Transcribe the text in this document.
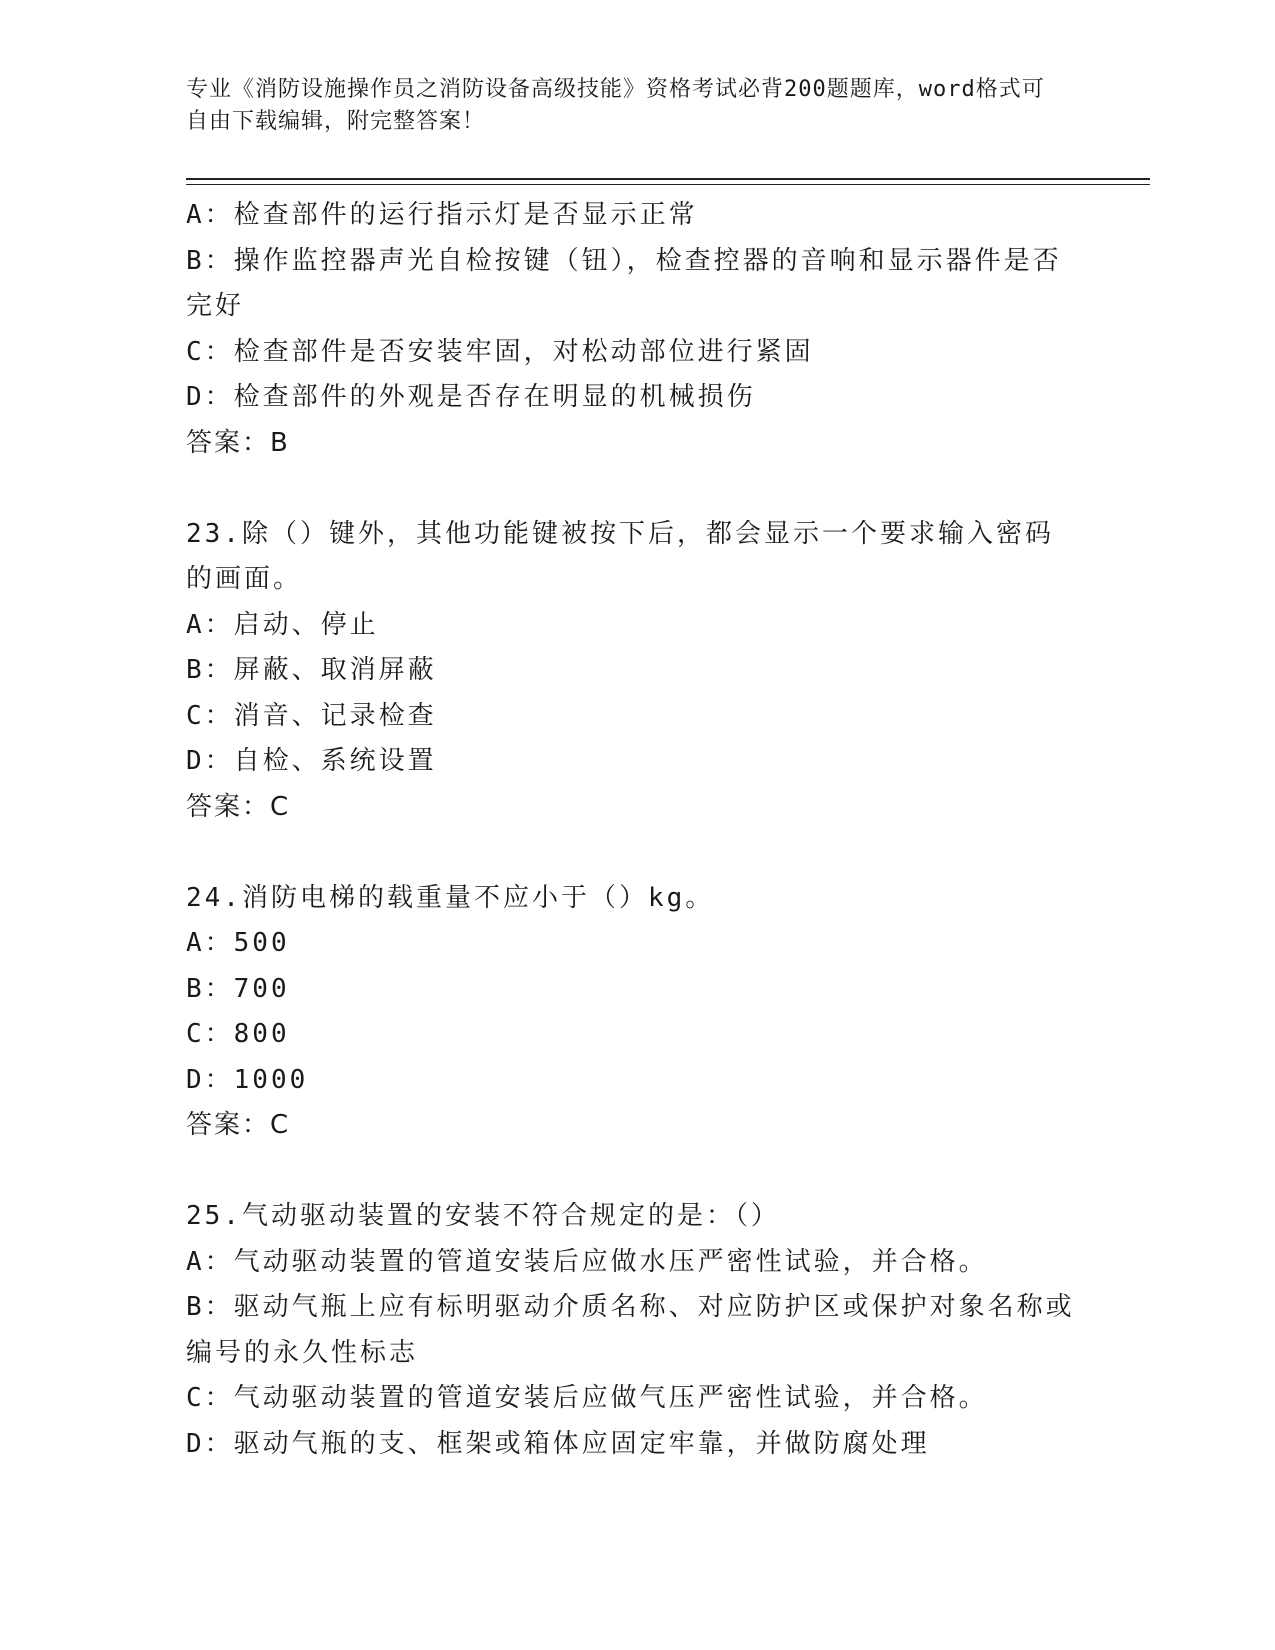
专业《消防设施操作员之消防设备高级技能》资格考试必背200题题库，word格式可自由下载编辑，附完整答案！
A：检查部件的运行指示灯是否显示正常
B：操作监控器声光自检按键（钮），检查控器的音响和显示器件是否完好
C：检查部件是否安装牢固，对松动部位进行紧固
D：检查部件的外观是否存在明显的机械损伤
答案：B
23.除（）键外，其他功能键被按下后，都会显示一个要求输入密码的画面。
A：启动、停止
B：屏蔽、取消屏蔽
C：消音、记录检查
D：自检、系统设置
答案：C
24.消防电梯的载重量不应小于（）kg。
A：500
B：700
C：800
D：1000
答案：C
25.气动驱动装置的安装不符合规定的是：（）
A：气动驱动装置的管道安装后应做水压严密性试验，并合格。
B：驱动气瓶上应有标明驱动介质名称、对应防护区或保护对象名称或编号的永久性标志
C：气动驱动装置的管道安装后应做气压严密性试验，并合格。
D：驱动气瓶的支、框架或箱体应固定牢靠，并做防腐处理
